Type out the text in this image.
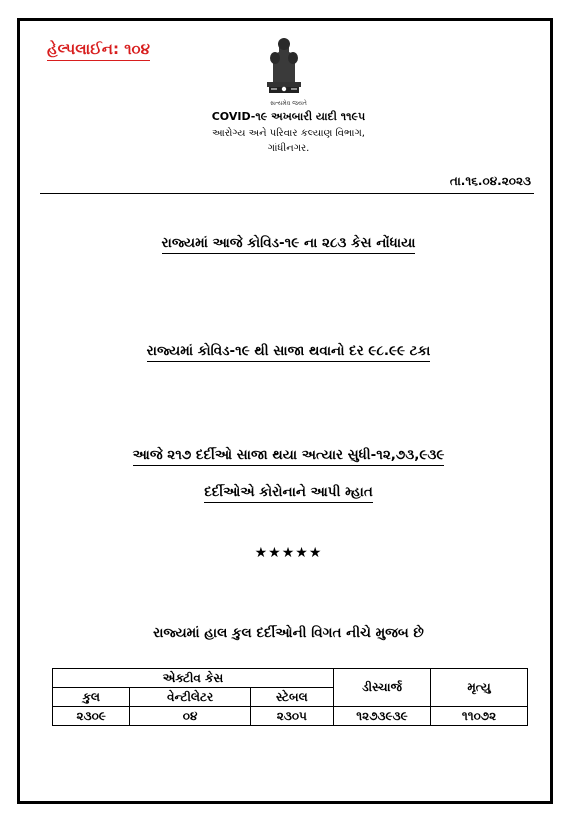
હેલ્પલાઈન: ૧૦૪
સત્યમેવ જયતે
COVID-૧૯ અખબારી યાદી ૧૧૯૫
આરોગ્ય અને પરિવાર કલ્યાણ વિભાગ,
ગાંધીનગર.
તા.૧૬.૦૪.૨૦૨૩
રાજ્યમાં આજે કોવિડ-૧૯ ના ૨૮૩ કેસ નોંધાયા
રાજ્યમાં કોવિડ-૧૯ થી સાજા થવાનો દર ૯૮.૯૯ ટકા
આજે ૨૧૭ દર્દીઓ સાજા થયા અત્યાર સુધી-૧૨,૭૩,૯૩૯
દર્દીઓએ કોરોનાને આપી મ્હાત
★★★★★
રાજ્યમાં હાલ કુલ દર્દીઓની વિગત નીચે મુજબ છે
એક્ટીવ કેસ			ડીસ્ચાર્જ	મૃત્યુ
કુલ	વેન્ટીલેટર	સ્ટેબલ		
૨૩૦૯	૦૪	૨૩૦૫	૧૨૭૩૯૩૯	૧૧૦૭૨
